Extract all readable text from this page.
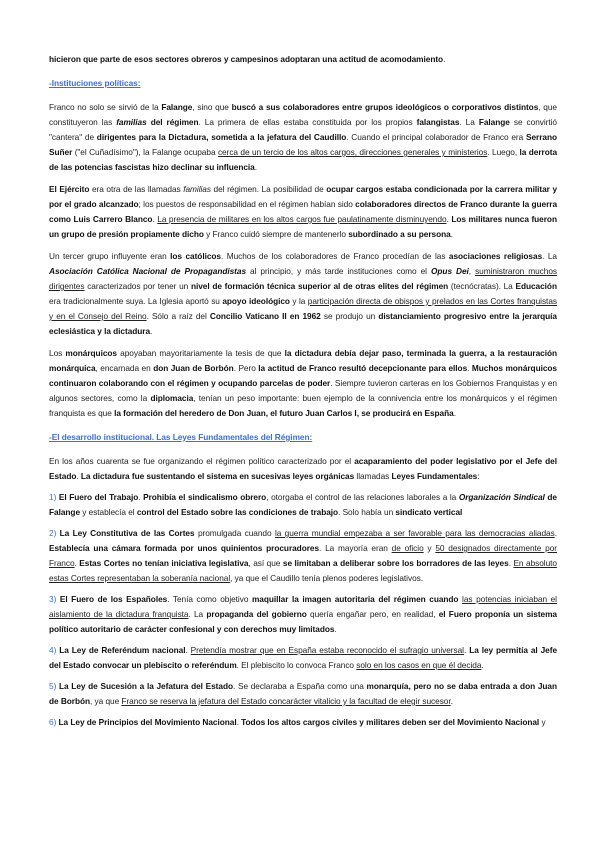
hicieron que parte de esos sectores obreros y campesinos adoptaran una actitud de acomodamiento.

-Instituciones políticas:

Franco no solo se sirvió de la Falange, sino que buscó a sus colaboradores entre grupos ideológicos o corporativos distintos, que constituyeron las familias del régimen. La primera de ellas estaba constituida por los propios falangistas. La Falange se convirtió "cantera" de dirigentes para la Dictadura, sometida a la jefatura del Caudillo. Cuando el principal colaborador de Franco era Serrano Suñer ("el Cuñadísimo"), la Falange ocupaba cerca de un tercio de los altos cargos, direcciones generales y ministerios. Luego, la derrota de las potencias fascistas hizo declinar su influencia.

El Ejército era otra de las llamadas familias del régimen. La posibilidad de ocupar cargos estaba condicionada por la carrera militar y por el grado alcanzado; los puestos de responsabilidad en el régimen habían sido colaboradores directos de Franco durante la guerra como Luis Carrero Blanco. La presencia de militares en los altos cargos fue paulatinamente disminuyendo. Los militares nunca fueron un grupo de presión propiamente dicho y Franco cuidó siempre de mantenerlo subordinado a su persona.

Un tercer grupo influyente eran los católicos. Muchos de los colaboradores de Franco procedían de las asociaciones religiosas. La Asociación Católica Nacional de Propagandistas al principio, y más tarde instituciones como el Opus Dei, suministraron muchos dirigentes caracterizados por tener un nivel de formación técnica superior al de otras elites del régimen (tecnócratas). La Educación era tradicionalmente suya. La Iglesia aportó su apoyo ideológico y la participación directa de obispos y prelados en las Cortes franquistas y en el Consejo del Reino. Sólo a raíz del Concilio Vaticano II en 1962 se produjo un distanciamiento progresivo entre la jerarquía eclesiástica y la dictadura.

Los monárquicos apoyaban mayoritariamente la tesis de que la dictadura debía dejar paso, terminada la guerra, a la restauración monárquica, encarnada en don Juan de Borbón. Pero la actitud de Franco resultó decepcionante para ellos. Muchos monárquicos continuaron colaborando con el régimen y ocupando parcelas de poder. Siempre tuvieron carteras en los Gobiernos Franquistas y en algunos sectores, como la diplomacia, tenían un peso importante: buen ejemplo de la connivencia entre los monárquicos y el régimen franquista es que la formación del heredero de Don Juan, el futuro Juan Carlos I, se producirá en España.

-El desarrollo institucional. Las Leyes Fundamentales del Régimen:

En los años cuarenta se fue organizando el régimen político caracterizado por el acaparamiento del poder legislativo por el Jefe del Estado. La dictadura fue sustentando el sistema en sucesivas leyes orgánicas llamadas Leyes Fundamentales:

1) El Fuero del Trabajo. Prohibía el sindicalismo obrero, otorgaba el control de las relaciones laborales a la Organización Sindical de Falange y establecía el control del Estado sobre las condiciones de trabajo. Solo había un sindicato vertical

2) La Ley Constitutiva de las Cortes promulgada cuando la guerra mundial empezaba a ser favorable para las democracias aliadas. Establecía una cámara formada por unos quinientos procuradores. La mayoría eran de oficio y 50 designados directamente por Franco. Estas Cortes no tenían iniciativa legislativa, así que se limitaban a deliberar sobre los borradores de las leyes. En absoluto estas Cortes representaban la soberanía nacional, ya que el Caudillo tenía plenos poderes legislativos.

3) El Fuero de los Españoles. Tenía como objetivo maquillar la imagen autoritaria del régimen cuando las potencias iniciaban el aislamiento de la dictadura franquista. La propaganda del gobierno quería engañar pero, en realidad, el Fuero proponía un sistema político autoritario de carácter confesional y con derechos muy limitados.

4) La Ley de Referéndum nacional. Pretendía mostrar que en España estaba reconocido el sufragio universal. La ley permitía al Jefe del Estado convocar un plebiscito o referéndum. El plebiscito lo convoca Franco solo en los casos en que él decida.

5) La Ley de Sucesión a la Jefatura del Estado. Se declaraba a España como una monarquía, pero no se daba entrada a don Juan de Borbón, ya que Franco se reserva la jefatura del Estado concarácter vitalicio y la facultad de elegir sucesor.

6) La Ley de Principios del Movimiento Nacional. Todos los altos cargos civiles y militares deben ser del Movimiento Nacional y
